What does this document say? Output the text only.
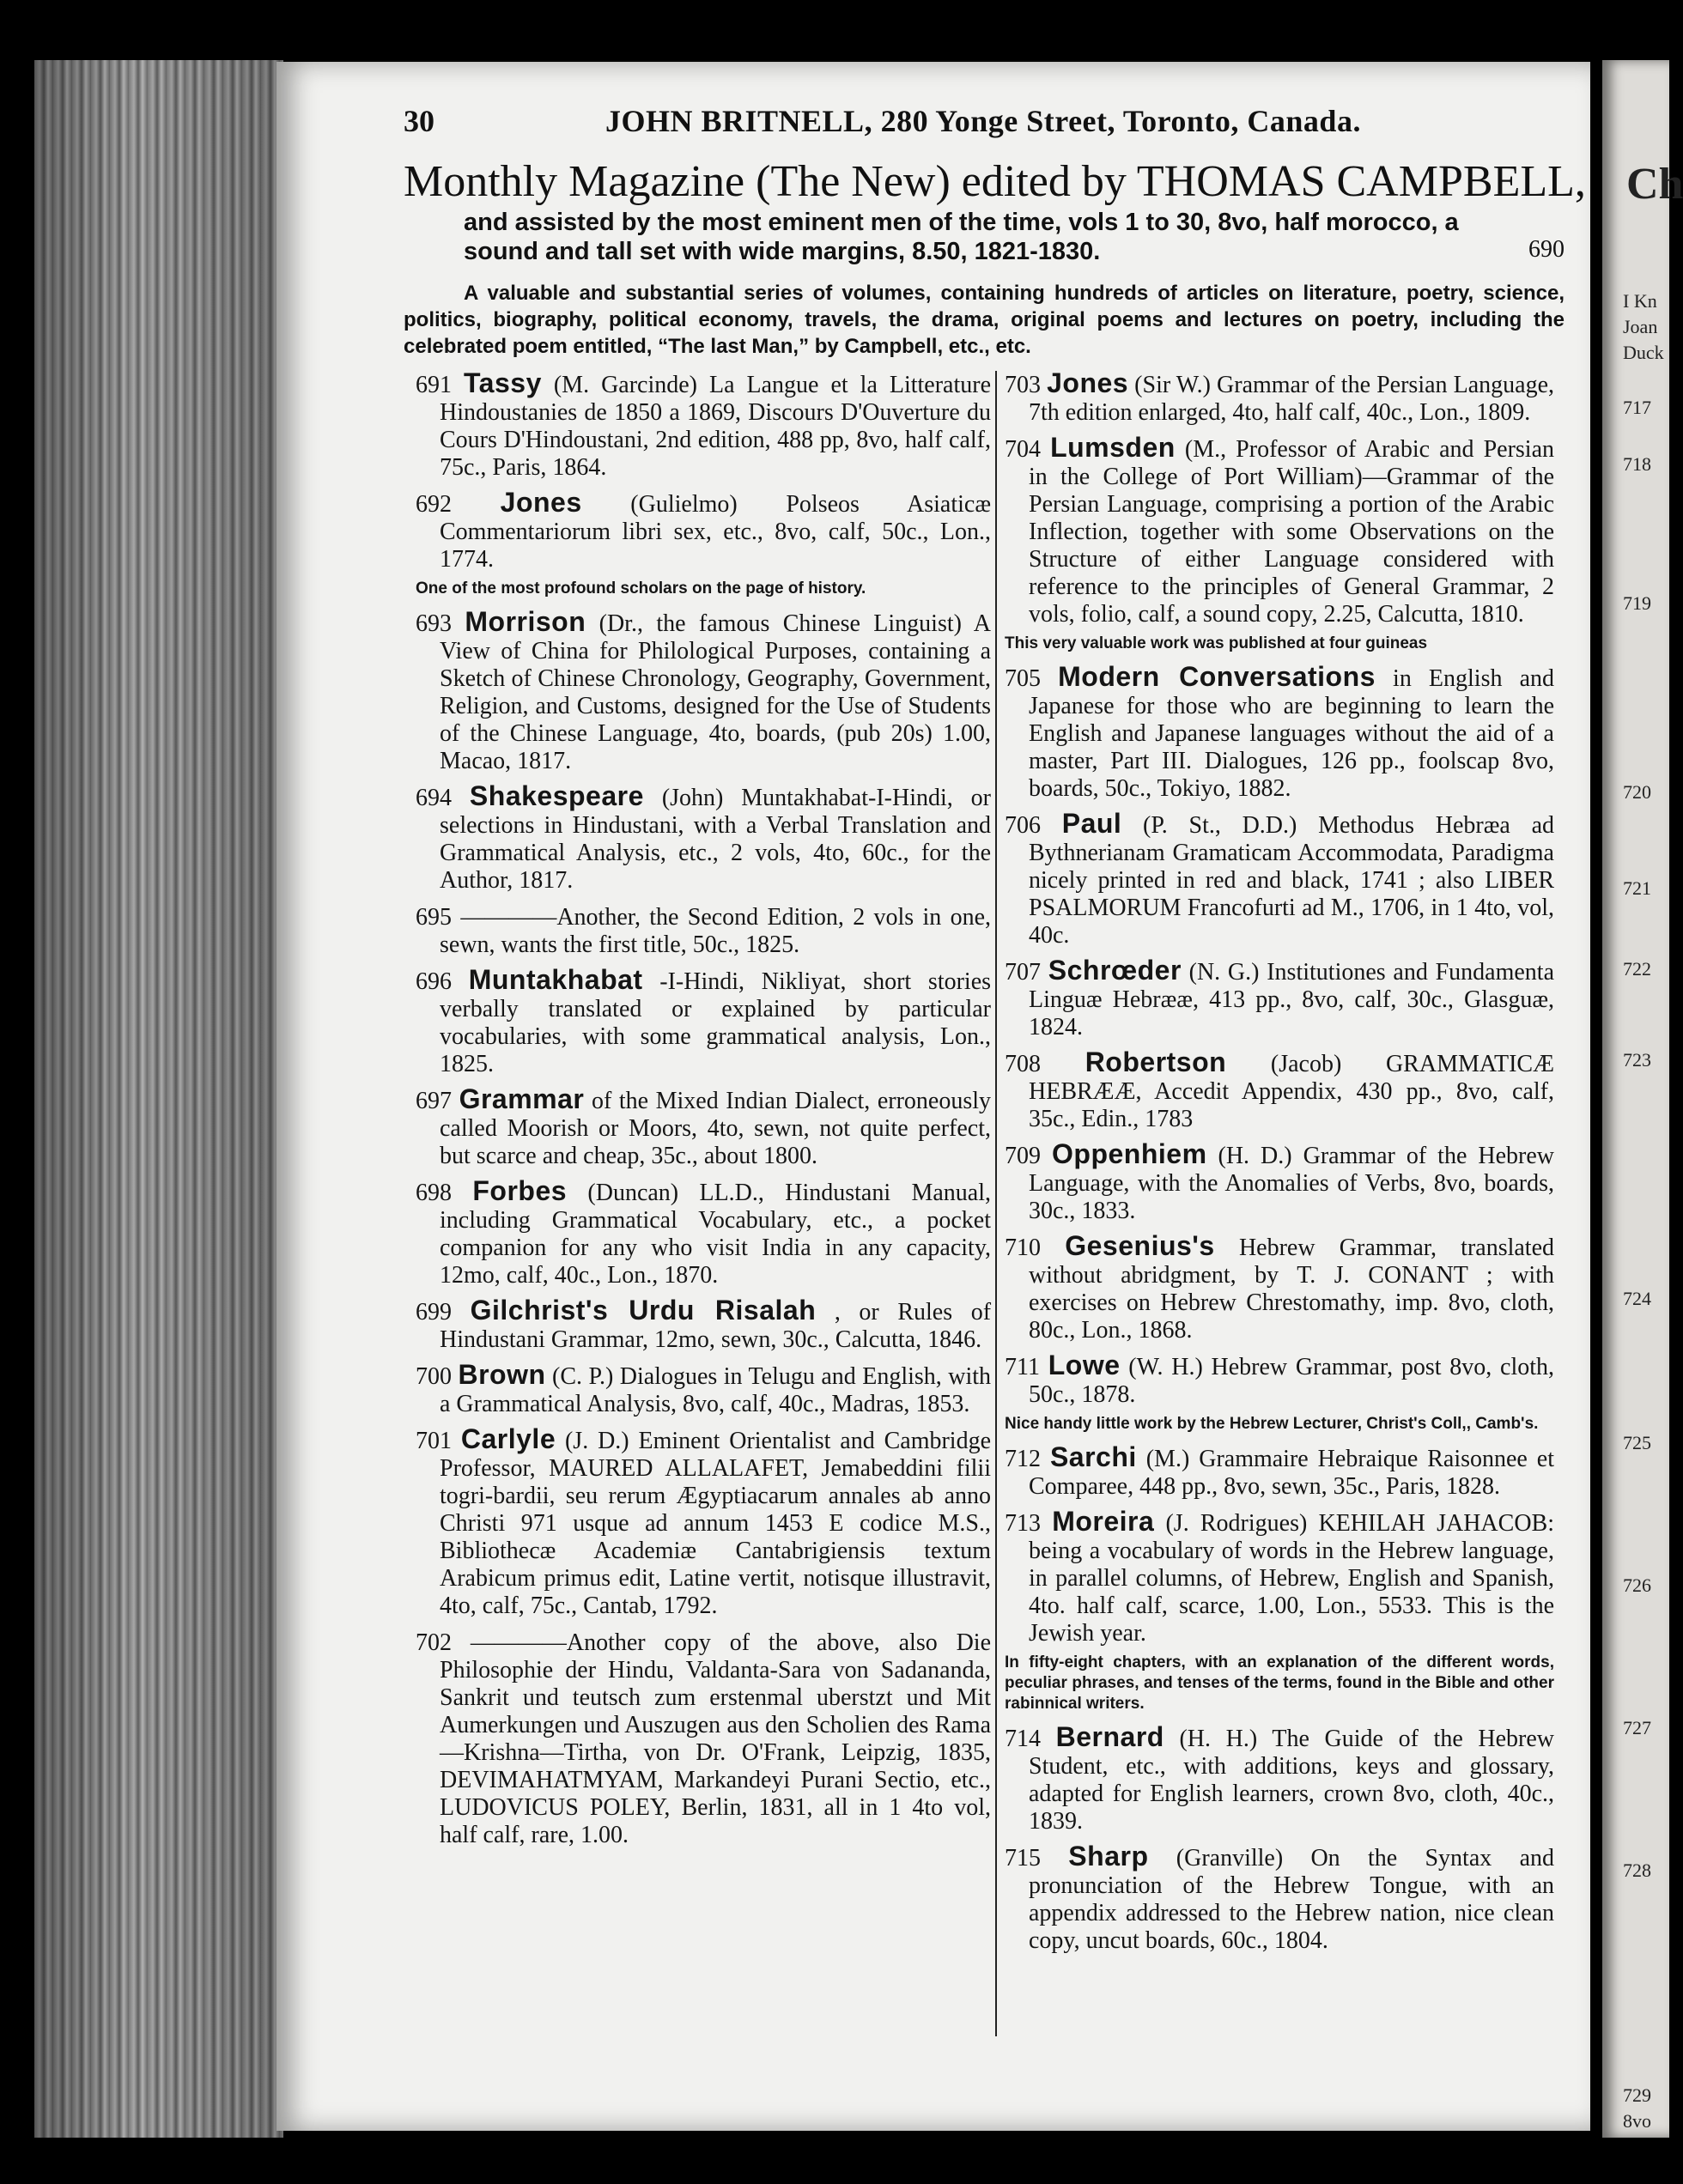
Ch
I Kn
Joan
Duck
717
718
719
720
721
722
723
724
725
726
727
728
729
8vo
30	JOHN BRITNELL, 280 Yonge Street, Toronto, Canada.
Monthly Magazine (The New) edited by THOMAS CAMPBELL,
and assisted by the most eminent men of the time, vols 1 to 30, 8vo, half morocco, a
sound and tall set with wide margins, 8.50, 1821-1830.	690
A valuable and substantial series of volumes, containing hundreds of articles on literature, poetry, science, politics, biography, political economy, travels, the drama, original poems and lectures on poetry, including the celebrated poem entitled, “The last Man,” by Campbell, etc., etc.
691 Tassy (M. Garcinde) La Langue et la Litterature Hindoustanies de 1850 a 1869, Discours D'Ouverture du Cours D'Hindoustani, 2nd edition, 488 pp, 8vo, half calf, 75c., Paris, 1864.
692 Jones (Gulielmo) Polseos Asiaticæ Commentariorum libri sex, etc., 8vo, calf, 50c., Lon., 1774.
One of the most profound scholars on the page of history.
693 Morrison (Dr., the famous Chinese Linguist) A View of China for Philological Purposes, containing a Sketch of Chinese Chronology, Geography, Government, Religion, and Customs, designed for the Use of Students of the Chinese Language, 4to, boards, (pub 20s) 1.00, Macao, 1817.
694 Shakespeare (John) Muntakhabat-I-Hindi, or selections in Hindustani, with a Verbal Translation and Grammatical Analysis, etc., 2 vols, 4to, 60c., for the Author, 1817.
695 ————Another, the Second Edition, 2 vols in one, sewn, wants the first title, 50c., 1825.
696 Muntakhabat -I-Hindi, Nikliyat, short stories verbally translated or explained by particular vocabularies, with some grammatical analysis, Lon., 1825.
697 Grammar of the Mixed Indian Dialect, erroneously called Moorish or Moors, 4to, sewn, not quite perfect, but scarce and cheap, 35c., about 1800.
698 Forbes (Duncan) LL.D., Hindustani Manual, including Grammatical Vocabulary, etc., a pocket companion for any who visit India in any capacity, 12mo, calf, 40c., Lon., 1870.
699 Gilchrist's Urdu Risalah , or Rules of Hindustani Grammar, 12mo, sewn, 30c., Calcutta, 1846.
700 Brown (C. P.) Dialogues in Telugu and English, with a Grammatical Analysis, 8vo, calf, 40c., Madras, 1853.
701 Carlyle (J. D.) Eminent Orientalist and Cambridge Professor, MAURED ALLALAFET, Jemabeddini filii togri-bardii, seu rerum Ægyptiacarum annales ab anno Christi 971 usque ad annum 1453 E codice M.S., Bibliothecæ Academiæ Cantabrigiensis textum Arabicum primus edit, Latine vertit, notisque illustravit, 4to, calf, 75c., Cantab, 1792.
702 ————Another copy of the above, also Die Philosophie der Hindu, Valdanta-Sara von Sadananda, Sankrit und teutsch zum erstenmal uberstzt und Mit Aumerkungen und Auszugen aus den Scholien des Rama—Krishna—Tirtha, von Dr. O'Frank, Leipzig, 1835, DEVIMAHATMYAM, Markandeyi Purani Sectio, etc., LUDOVICUS POLEY, Berlin, 1831, all in 1 4to vol, half calf, rare, 1.00.
703 Jones (Sir W.) Grammar of the Persian Language, 7th edition enlarged, 4to, half calf, 40c., Lon., 1809.
704 Lumsden (M., Professor of Arabic and Persian in the College of Port William)—Grammar of the Persian Language, comprising a portion of the Arabic Inflection, together with some Observations on the Structure of either Language considered with reference to the principles of General Grammar, 2 vols, folio, calf, a sound copy, 2.25, Calcutta, 1810.
This very valuable work was published at four guineas
705 Modern Conversations in English and Japanese for those who are beginning to learn the English and Japanese languages without the aid of a master, Part III. Dialogues, 126 pp., foolscap 8vo, boards, 50c., Tokiyo, 1882.
706 Paul (P. St., D.D.) Methodus Hebræa ad Bythnerianam Gramaticam Accommodata, Paradigma nicely printed in red and black, 1741 ; also LIBER PSALMORUM Francofurti ad M., 1706, in 1 4to, vol, 40c.
707 Schrœder (N. G.) Institutiones and Fundamenta Linguæ Hebrææ, 413 pp., 8vo, calf, 30c., Glasguæ, 1824.
708 Robertson (Jacob) GRAMMATICÆ HEBRÆÆ, Accedit Appendix, 430 pp., 8vo, calf, 35c., Edin., 1783
709 Oppenhiem (H. D.) Grammar of the Hebrew Language, with the Anomalies of Verbs, 8vo, boards, 30c., 1833.
710 Gesenius's Hebrew Grammar, translated without abridgment, by T. J. CONANT ; with exercises on Hebrew Chrestomathy, imp. 8vo, cloth, 80c., Lon., 1868.
711 Lowe (W. H.) Hebrew Grammar, post 8vo, cloth, 50c., 1878.
Nice handy little work by the Hebrew Lecturer, Christ's Coll,, Camb's.
712 Sarchi (M.) Grammaire Hebraique Raisonnee et Comparee, 448 pp., 8vo, sewn, 35c., Paris, 1828.
713 Moreira (J. Rodrigues) KEHILAH JAHACOB: being a vocabulary of words in the Hebrew language, in parallel columns, of Hebrew, English and Spanish, 4to. half calf, scarce, 1.00, Lon., 5533. This is the Jewish year.
In fifty-eight chapters, with an explanation of the different words, peculiar phrases, and tenses of the terms, found in the Bible and other rabinnical writers.
714 Bernard (H. H.) The Guide of the Hebrew Student, etc., with additions, keys and glossary, adapted for English learners, crown 8vo, cloth, 40c., 1839.
715 Sharp (Granville) On the Syntax and pronunciation of the Hebrew Tongue, with an appendix addressed to the Hebrew nation, nice clean copy, uncut boards, 60c., 1804.
